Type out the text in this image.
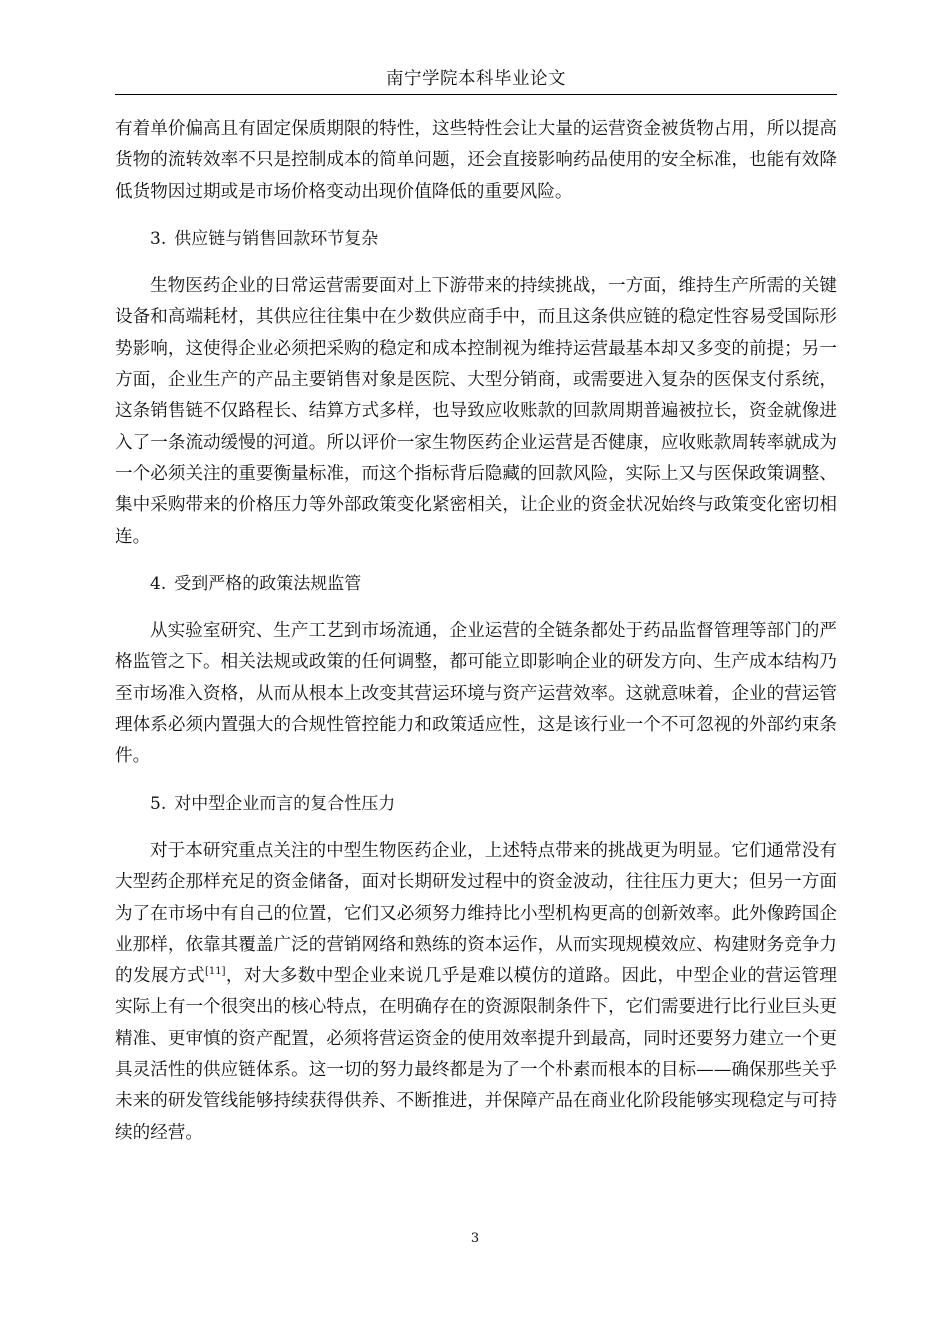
南宁学院本科毕业论文

有着单价偏高且有固定保质期限的特性，这些特性会让大量的运营资金被货物占用，所以提高货物的流转效率不只是控制成本的简单问题，还会直接影响药品使用的安全标准，也能有效降低货物因过期或是市场价格变动出现价值降低的重要风险。

3. 供应链与销售回款环节复杂

生物医药企业的日常运营需要面对上下游带来的持续挑战，一方面，维持生产所需的关键设备和高端耗材，其供应往往集中在少数供应商手中，而且这条供应链的稳定性容易受国际形势影响，这使得企业必须把采购的稳定和成本控制视为维持运营最基本却又多变的前提；另一方面，企业生产的产品主要销售对象是医院、大型分销商，或需要进入复杂的医保支付系统，这条销售链不仅路程长、结算方式多样，也导致应收账款的回款周期普遍被拉长，资金就像进入了一条流动缓慢的河道。所以评价一家生物医药企业运营是否健康，应收账款周转率就成为一个必须关注的重要衡量标准，而这个指标背后隐藏的回款风险，实际上又与医保政策调整、集中采购带来的价格压力等外部政策变化紧密相关，让企业的资金状况始终与政策变化密切相连。

4. 受到严格的政策法规监管

从实验室研究、生产工艺到市场流通，企业运营的全链条都处于药品监督管理等部门的严格监管之下。相关法规或政策的任何调整，都可能立即影响企业的研发方向、生产成本结构乃至市场准入资格，从而从根本上改变其营运环境与资产运营效率。这就意味着，企业的营运管理体系必须内置强大的合规性管控能力和政策适应性，这是该行业一个不可忽视的外部约束条件。

5. 对中型企业而言的复合性压力

对于本研究重点关注的中型生物医药企业，上述特点带来的挑战更为明显。它们通常没有大型药企那样充足的资金储备，面对长期研发过程中的资金波动，往往压力更大；但另一方面为了在市场中有自己的位置，它们又必须努力维持比小型机构更高的创新效率。此外像跨国企业那样，依靠其覆盖广泛的营销网络和熟练的资本运作，从而实现规模效应、构建财务竞争力的发展方式[11]，对大多数中型企业来说几乎是难以模仿的道路。因此，中型企业的营运管理实际上有一个很突出的核心特点，在明确存在的资源限制条件下，它们需要进行比行业巨头更精准、更审慎的资产配置，必须将营运资金的使用效率提升到最高，同时还要努力建立一个更具灵活性的供应链体系。这一切的努力最终都是为了一个朴素而根本的目标——确保那些关乎未来的研发管线能够持续获得供养、不断推进，并保障产品在商业化阶段能够实现稳定与可持续的经营。

3
